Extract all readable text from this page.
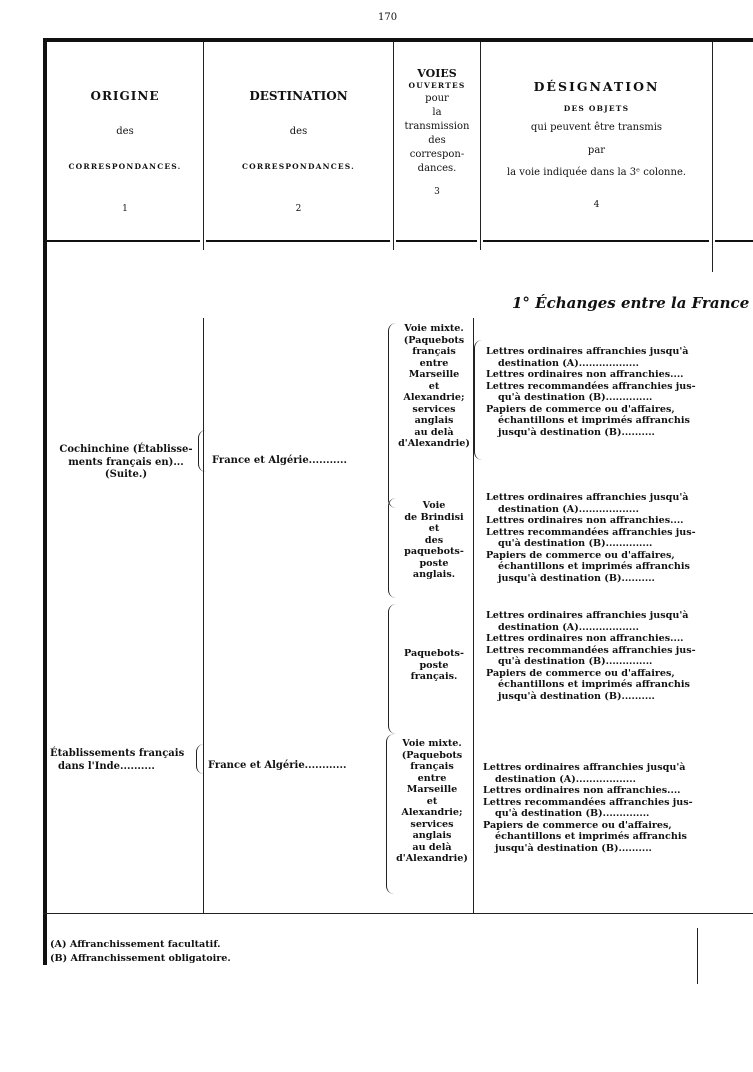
170
ORIGINE
des
CORRESPONDANCES.
1
DESTINATION
des
CORRESPONDANCES.
2
VOIES
OUVERTES
pour
la
transmission
des
correspon-
dances.
3
DÉSIGNATION
DES OBJETS
qui peuvent être transmis
par
la voie indiquée dans la 3ᵉ colonne.
4
1° Échanges entre la France
Cochinchine (Établisse-
ments français en)...
(Suite.)
France et Algérie...........
Voie mixte.
(Paquebots
français
entre
Marseille
et
Alexandrie;
services
anglais
au delà
d'Alexandrie)
Lettres ordinaires affranchies jusqu'à
destination (A)..................
Lettres ordinaires non affranchies....
Lettres recommandées affranchies jus-
qu'à destination (B)..............
Papiers de commerce ou d'affaires,
échantillons et imprimés affranchis
jusqu'à destination (B)..........
Voie
de Brindisi
et
des
paquebots-
poste
anglais.
Lettres ordinaires affranchies jusqu'à
destination (A)..................
Lettres ordinaires non affranchies....
Lettres recommandées affranchies jus-
qu'à destination (B)..............
Papiers de commerce ou d'affaires,
échantillons et imprimés affranchis
jusqu'à destination (B)..........
Établissements français
dans l'Inde..........	France et Algérie............
Paquebots-
poste
français.
Lettres ordinaires affranchies jusqu'à
destination (A)..................
Lettres ordinaires non affranchies....
Lettres recommandées affranchies jus-
qu'à destination (B)..............
Papiers de commerce ou d'affaires,
échantillons et imprimés affranchis
jusqu'à destination (B)..........
Voie mixte.
(Paquebots
français
entre
Marseille
et
Alexandrie;
services
anglais
au delà
d'Alexandrie)
Lettres ordinaires affranchies jusqu'à
destination (A)..................
Lettres ordinaires non affranchies....
Lettres recommandées affranchies jus-
qu'à destination (B)..............
Papiers de commerce ou d'affaires,
échantillons et imprimés affranchis
jusqu'à destination (B)..........
(A) Affranchissement facultatif.
(B) Affranchissement obligatoire.
